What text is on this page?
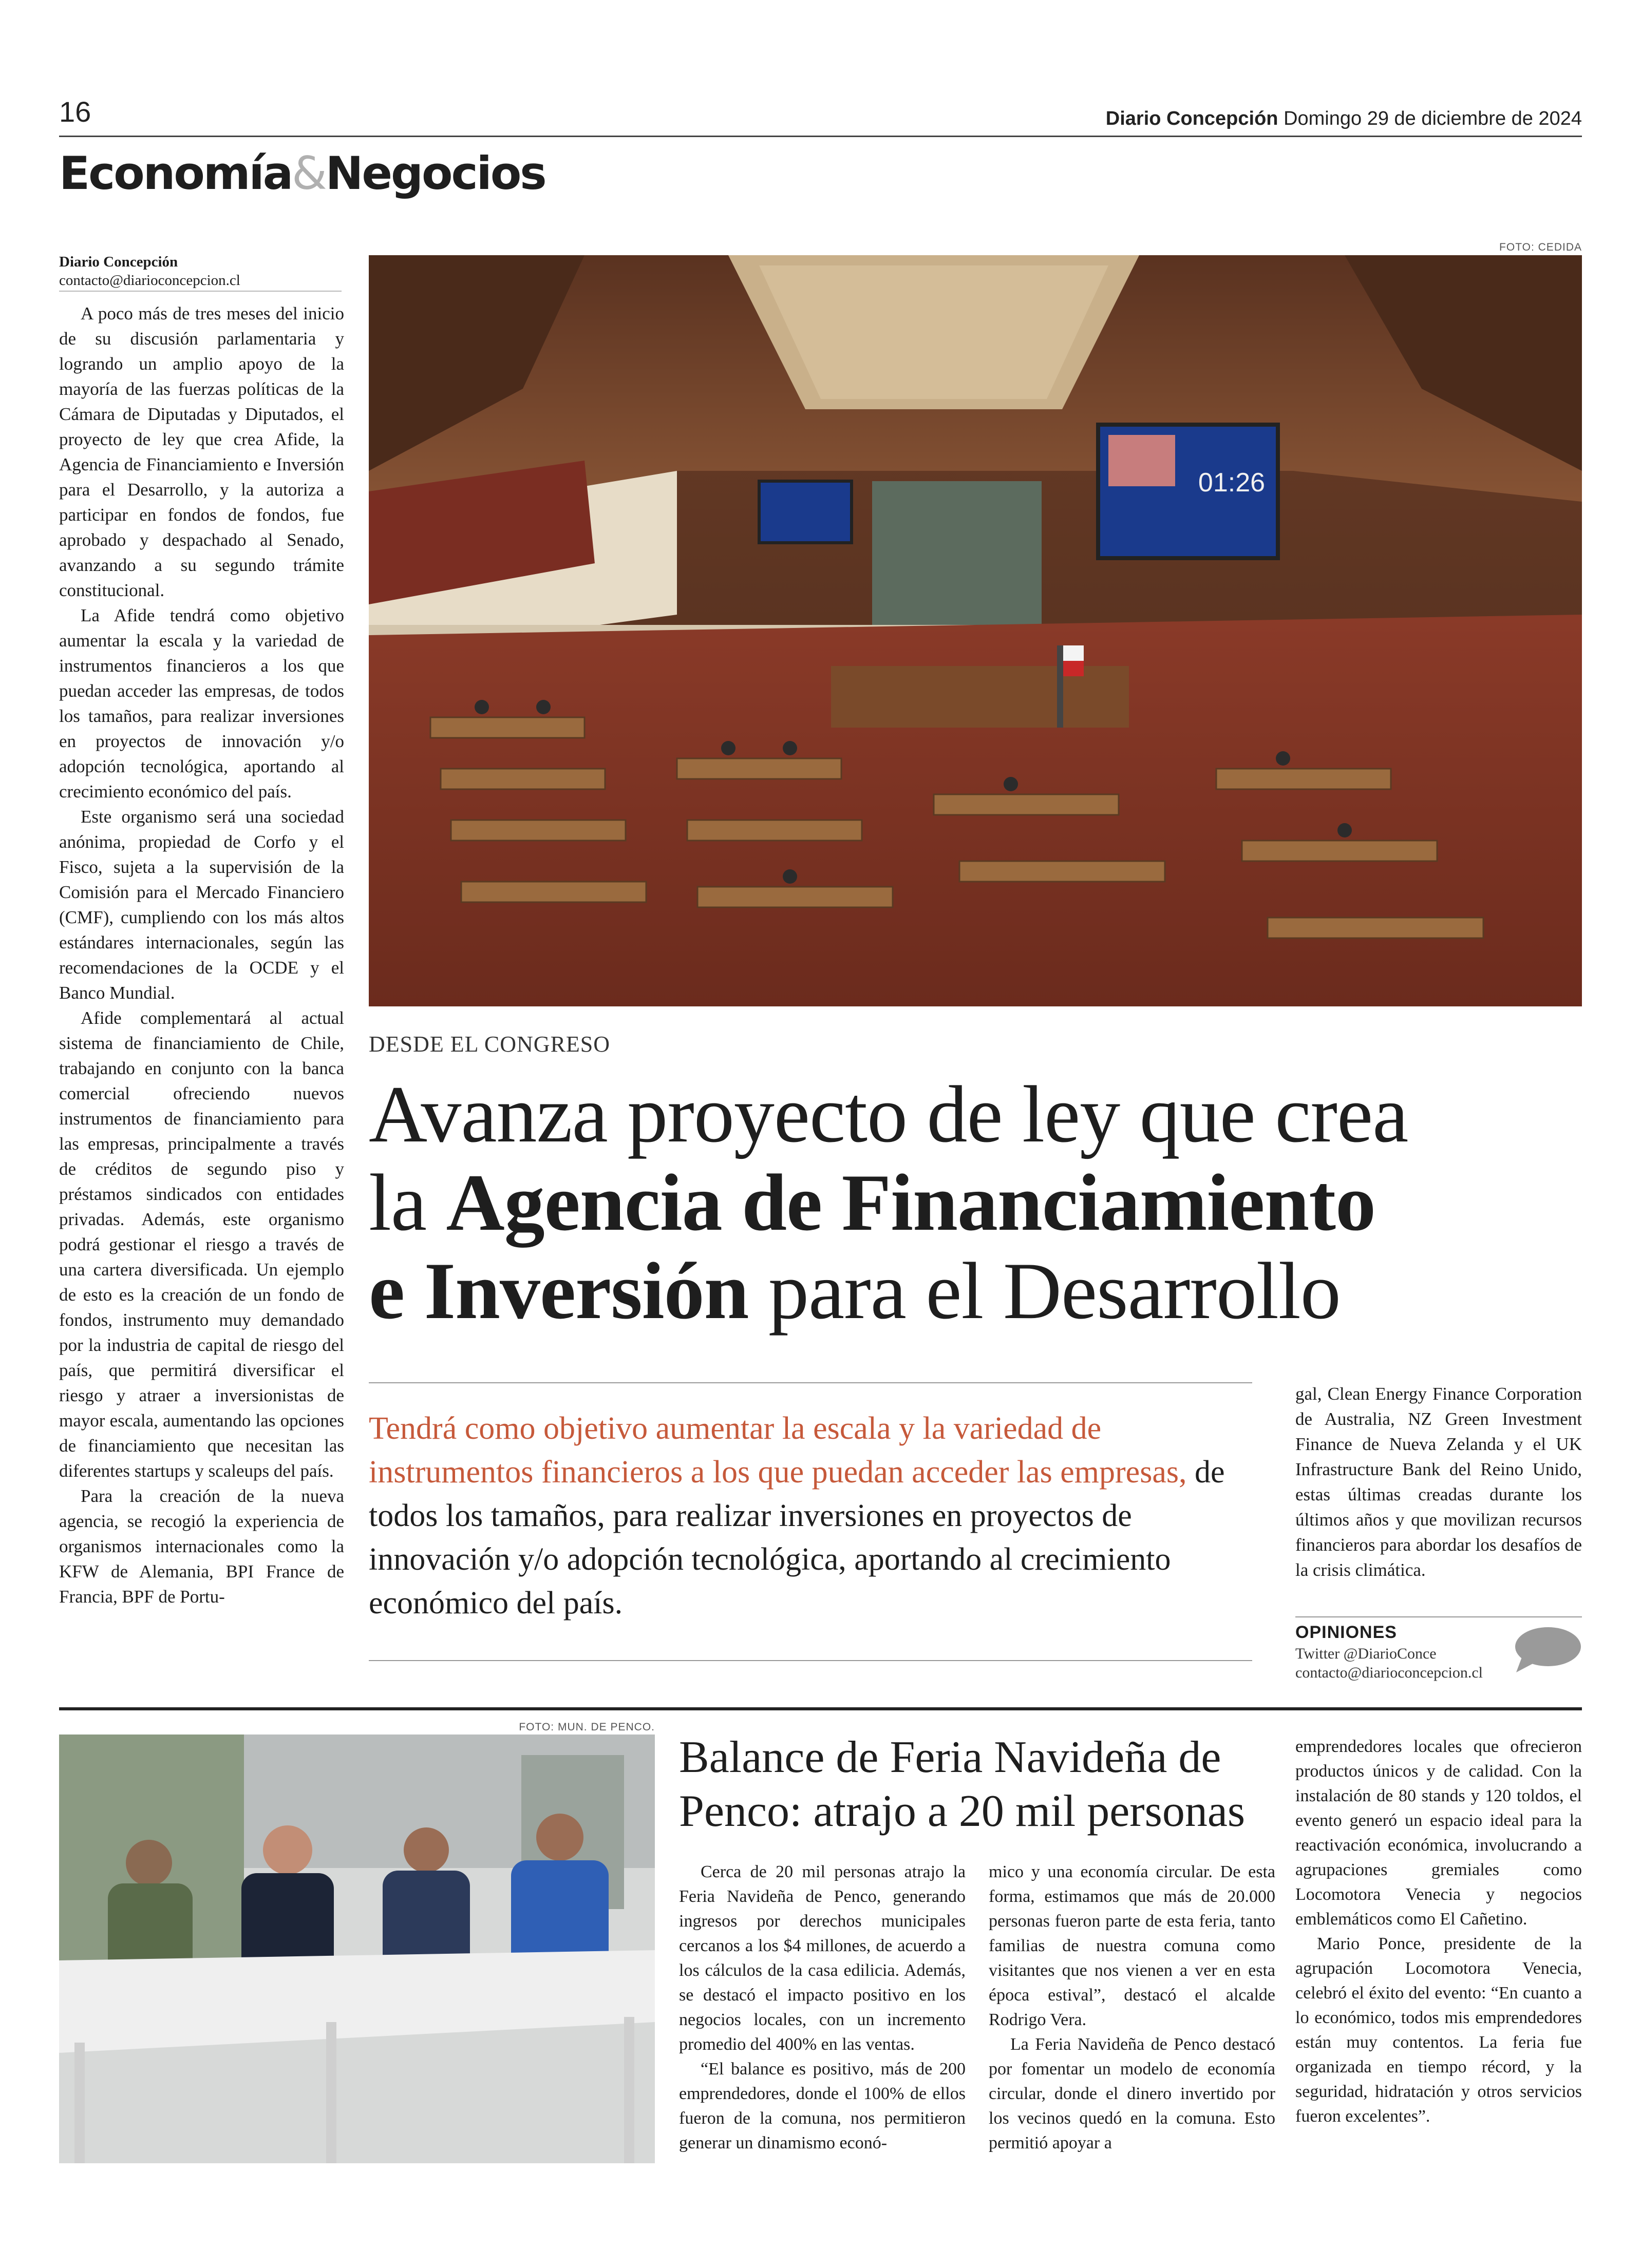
16	Diario Concepción Domingo 29 de diciembre de 2024
Economía&Negocios
Diario Concepción
contacto@diarioconcepcion.cl

A poco más de tres meses del inicio de su discusión parlamentaria y logrando un amplio apoyo de la mayoría de las fuerzas políticas de la Cámara de Diputadas y Diputados, el proyecto de ley que crea Afide, la Agencia de Financiamiento e Inversión para el Desarrollo, y la autoriza a participar en fondos de fondos, fue aprobado y despachado al Senado, avanzando a su segundo trámite constitucional.

La Afide tendrá como objetivo aumentar la escala y la variedad de instrumentos financieros a los que puedan acceder las empresas, de todos los tamaños, para realizar inversiones en proyectos de innovación y/o adopción tecnológica, aportando al crecimiento económico del país.

Este organismo será una sociedad anónima, propiedad de Corfo y el Fisco, sujeta a la supervisión de la Comisión para el Mercado Financiero (CMF), cumpliendo con los más altos estándares internacionales, según las recomendaciones de la OCDE y el Banco Mundial.

Afide complementará al actual sistema de financiamiento de Chile, trabajando en conjunto con la banca comercial ofreciendo nuevos instrumentos de financiamiento para las empresas, principalmente a través de créditos de segundo piso y préstamos sindicados con entidades privadas. Además, este organismo podrá gestionar el riesgo a través de una cartera diversificada. Un ejemplo de esto es la creación de un fondo de fondos, instrumento muy demandado por la industria de capital de riesgo del país, que permitirá diversificar el riesgo y atraer a inversionistas de mayor escala, aumentando las opciones de financiamiento que necesitan las diferentes startups y scaleups del país.

Para la creación de la nueva agencia, se recogió la experiencia de organismos internacionales como la KFW de Alemania, BPI France de Francia, BPF de Portu-

FOTO: CEDIDA
01:26
DESDE EL CONGRESO
Avanza proyecto de ley que crea
la Agencia de Financiamiento
e Inversión para el Desarrollo
Tendrá como objetivo aumentar la escala y la variedad de instrumentos financieros a los que puedan acceder las empresas, de todos los tamaños, para realizar inversiones en proyectos de innovación y/o adopción tecnológica, aportando al crecimiento económico del país.

gal, Clean Energy Finance Corporation de Australia, NZ Green Investment Finance de Nueva Zelanda y el UK Infrastructure Bank del Reino Unido, estas últimas creadas durante los últimos años y que movilizan recursos financieros para abordar los desafíos de la crisis climática.

OPINIONES
Twitter @DiarioConce
contacto@diarioconcepcion.cl
FOTO: MUN. DE PENCO.
Balance de Feria Navideña de
Penco: atrajo a 20 mil personas

Cerca de 20 mil personas atrajo la Feria Navideña de Penco, generando ingresos por derechos municipales cercanos a los $4 millones, de acuerdo a los cálculos de la casa edilicia. Además, se destacó el impacto positivo en los negocios locales, con un incremento promedio del 400% en las ventas.

“El balance es positivo, más de 200 emprendedores, donde el 100% de ellos fueron de la comuna, nos permitieron generar un dinamismo econó-

mico y una economía circular. De esta forma, estimamos que más de 20.000 personas fueron parte de esta feria, tanto familias de nuestra comuna como visitantes que nos vienen a ver en esta época estival”, destacó el alcalde Rodrigo Vera.

La Feria Navideña de Penco destacó por fomentar un modelo de economía circular, donde el dinero invertido por los vecinos quedó en la comuna. Esto permitió apoyar a

emprendedores locales que ofrecieron productos únicos y de calidad. Con la instalación de 80 stands y 120 toldos, el evento generó un espacio ideal para la reactivación económica, involucrando a agrupaciones gremiales como Locomotora Venecia y negocios emblemáticos como El Cañetino.

Mario Ponce, presidente de la agrupación Locomotora Venecia, celebró el éxito del evento: “En cuanto a lo económico, todos mis emprendedores están muy contentos. La feria fue organizada en tiempo récord, y la seguridad, hidratación y otros servicios fueron excelentes”.
